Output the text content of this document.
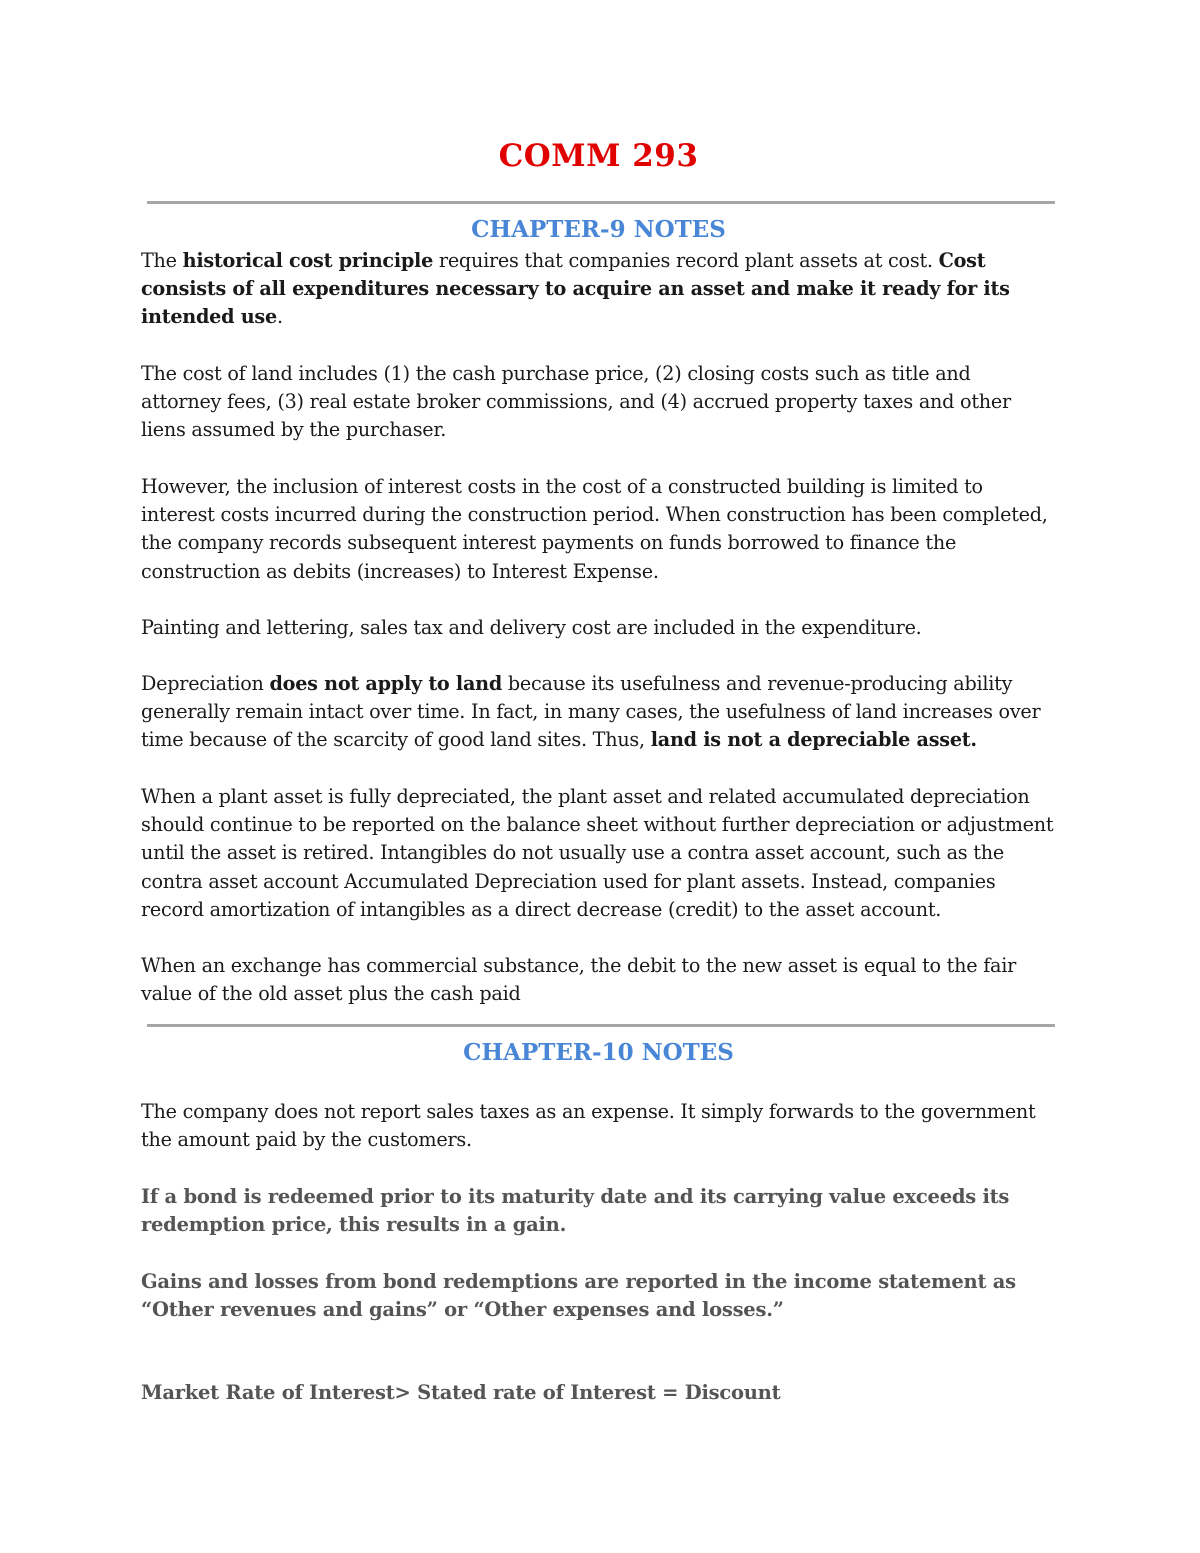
COMM 293
CHAPTER-9 NOTES
The historical cost principle requires that companies record plant assets at cost. Cost consists of all expenditures necessary to acquire an asset and make it ready for its intended use.
The cost of land includes (1) the cash purchase price, (2) closing costs such as title and attorney fees, (3) real estate broker commissions, and (4) accrued property taxes and other liens assumed by the purchaser.
However, the inclusion of interest costs in the cost of a constructed building is limited to interest costs incurred during the construction period. When construction has been completed, the company records subsequent interest payments on funds borrowed to finance the construction as debits (increases) to Interest Expense.
Painting and lettering, sales tax and delivery cost are included in the expenditure.
Depreciation does not apply to land because its usefulness and revenue-producing ability generally remain intact over time. In fact, in many cases, the usefulness of land increases over time because of the scarcity of good land sites. Thus, land is not a depreciable asset.
When a plant asset is fully depreciated, the plant asset and related accumulated depreciation should continue to be reported on the balance sheet without further depreciation or adjustment until the asset is retired. Intangibles do not usually use a contra asset account, such as the contra asset account Accumulated Depreciation used for plant assets. Instead, companies record amortization of intangibles as a direct decrease (credit) to the asset account.
When an exchange has commercial substance, the debit to the new asset is equal to the fair value of the old asset plus the cash paid
CHAPTER-10 NOTES
The company does not report sales taxes as an expense. It simply forwards to the government the amount paid by the customers.
If a bond is redeemed prior to its maturity date and its carrying value exceeds its redemption price, this results in a gain.
Gains and losses from bond redemptions are reported in the income statement as “Other revenues and gains” or “Other expenses and losses.”
Market Rate of Interest> Stated rate of Interest = Discount
